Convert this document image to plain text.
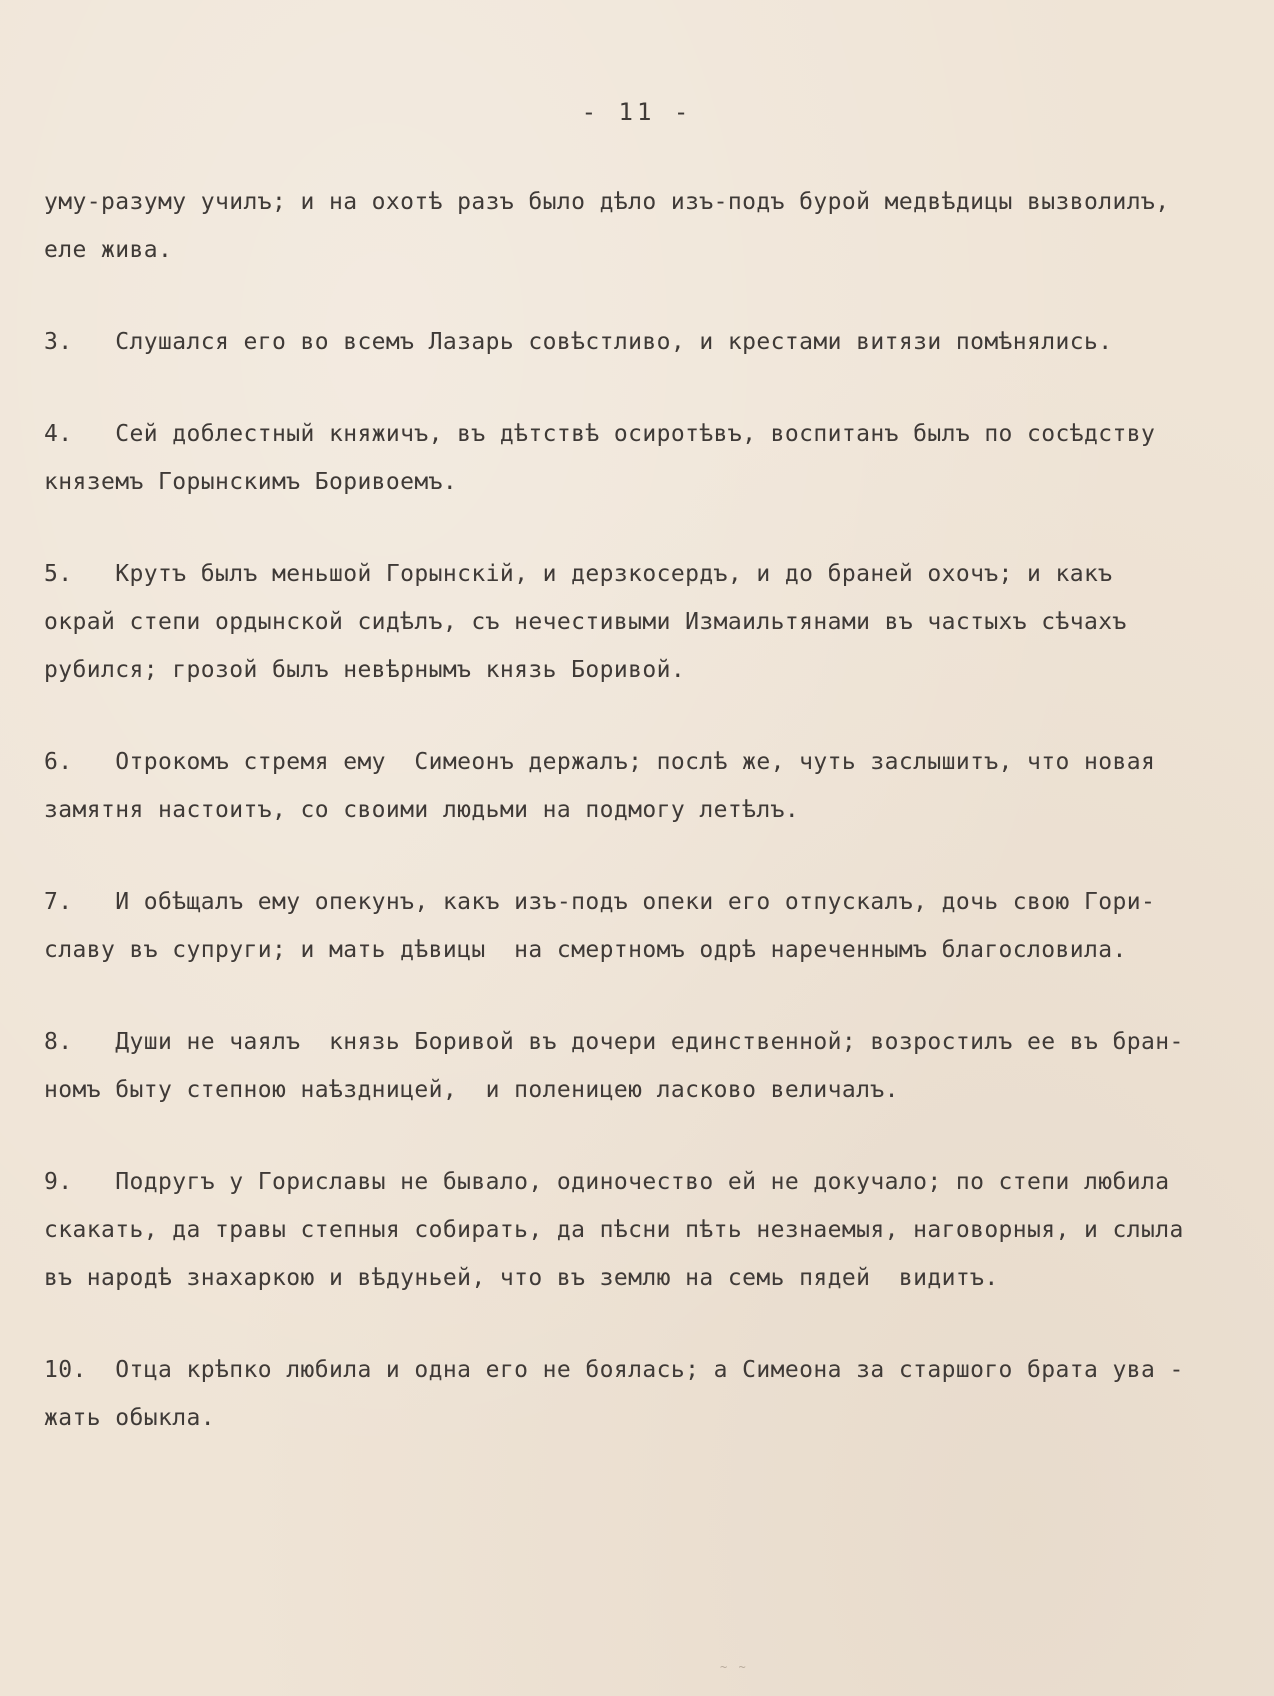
- 11 -
уму-разуму училъ; и на охотѣ разъ было дѣло изъ-подъ бурой медвѣдицы вызволилъ,
еле жива.
3.   Слушался его во всемъ Лазарь совѣстливо, и крестами витязи помѣнялись.
4.   Сей доблестный княжичъ, въ дѣтствѣ осиротѣвъ, воспитанъ былъ по сосѣдству
княземъ Горынскимъ Боривоемъ.
5.   Крутъ былъ меньшой Горынскiй, и дерзкосердъ, и до браней охочъ; и какъ
окрай степи ордынской сидѣлъ, съ нечестивыми Измаильтянами въ частыхъ сѣчахъ
рубился; грозой былъ невѣрнымъ князь Боривой.
6.   Отрокомъ стремя ему  Симеонъ держалъ; послѣ же, чуть заслышитъ, что новая
замятня настоитъ, со своими людьми на подмогу летѣлъ.
7.   И обѣщалъ ему опекунъ, какъ изъ-подъ опеки его отпускалъ, дочь свою Гори-
славу въ супруги; и мать дѣвицы  на смертномъ одрѣ нареченнымъ благословила.
8.   Души не чаялъ  князь Боривой въ дочери единственной; возростилъ ее въ бран-
номъ быту степною наѣздницей,  и поленицею ласково величалъ.
9.   Подругъ у Гориславы не бывало, одиночество ей не докучало; по степи любила
скакать, да травы степныя собирать, да пѣсни пѣть незнаемыя, наговорныя, и слыла
въ народѣ знахаркою и вѣдуньей, что въ землю на семь пядей  видитъ.
10.  Отца крѣпко любила и одна его не боялась; а Симеона за старшого брата ува -
жать обыкла.
~ ~
